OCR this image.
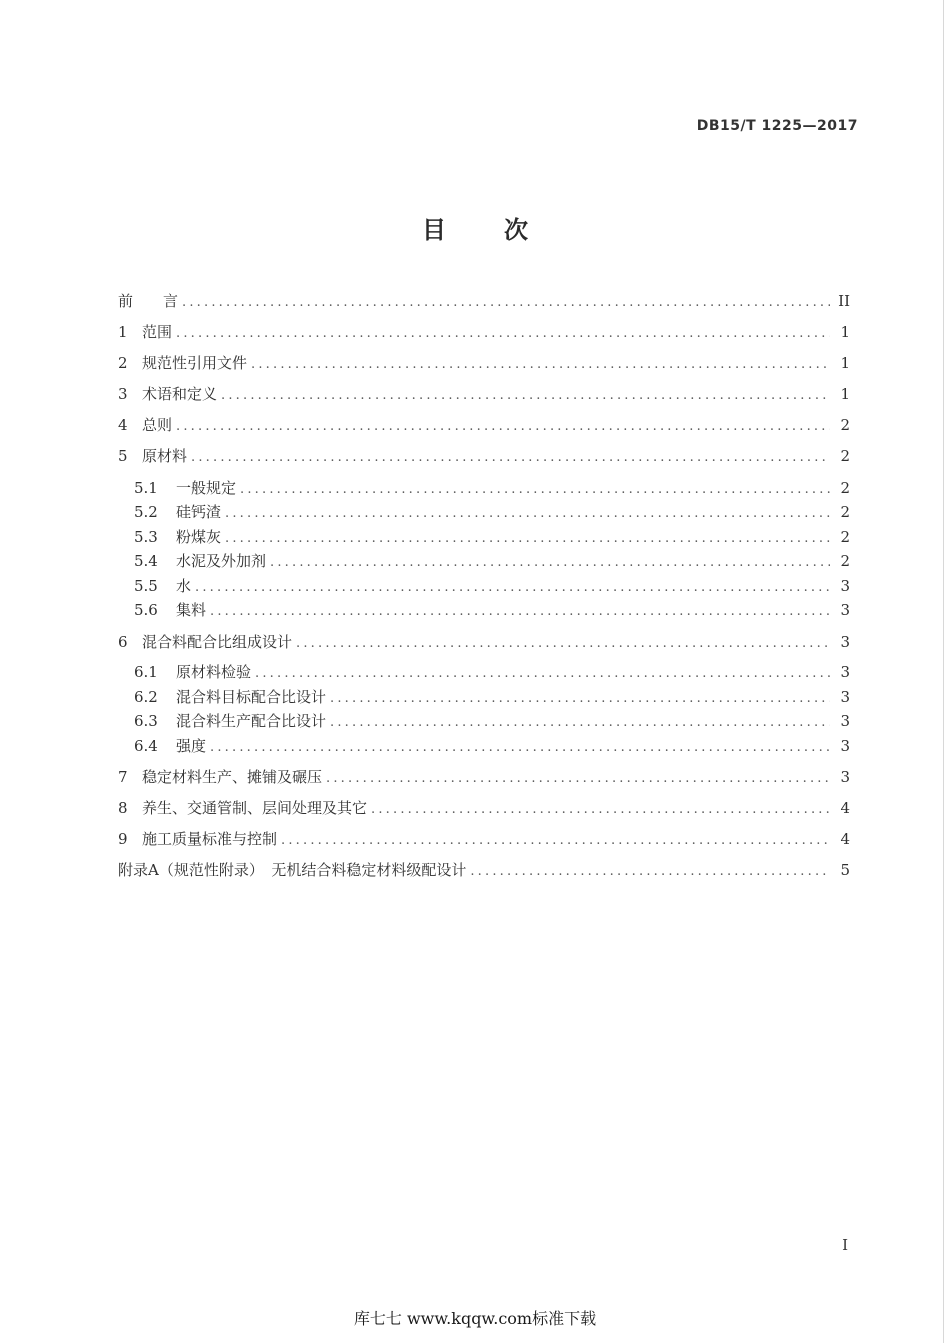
DB15/T 1225—2017
目次
前　　言 .....	II
1 范围 .....	1
2 规范性引用文件 .....	1
3 术语和定义 .....	1
4 总则 .....	2
5 原材料 .....	2
5.1	一般规定 .....	2
5.2	硅钙渣 .....	2
5.3	粉煤灰 .....	2
5.4	水泥及外加剂 .....	2
5.5	水 .....	3
5.6	集料 .....	3
6 混合料配合比组成设计 .....	3
6.1	原材料检验 .....	3
6.2	混合料目标配合比设计 .....	3
6.3	混合料生产配合比设计 .....	3
6.4	强度 .....	3
7 稳定材料生产、摊铺及碾压 .....	3
8 养生、交通管制、层间处理及其它 .....	4
9 施工质量标准与控制 .....	4
附录A（规范性附录）　无机结合料稳定材料级配设计 .....	5
I
库七七 www.kqqw.com标准下载
